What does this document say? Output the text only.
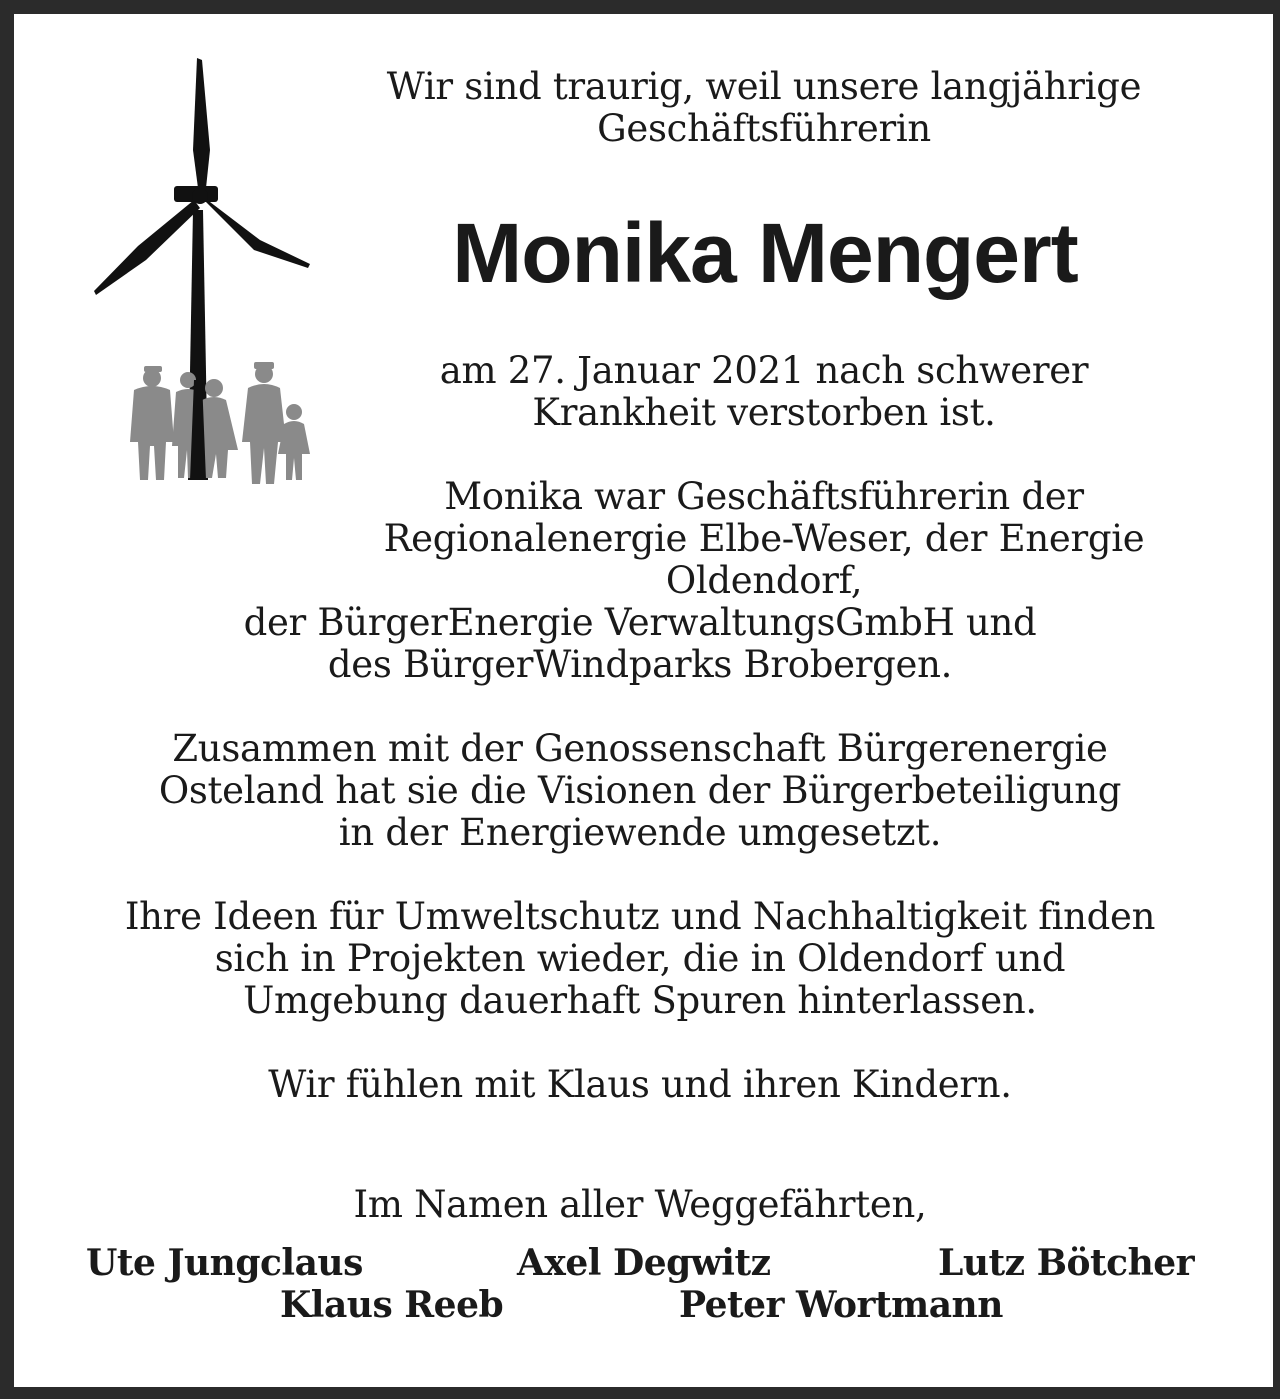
Wir sind traurig, weil unsere langjährige
Geschäftsführerin
Monika Mengert
am 27. Januar 2021 nach schwerer
Krankheit verstorben ist.
Monika war Geschäftsführerin der
Regionalenergie Elbe-Weser, der Energie
Oldendorf,
der BürgerEnergie VerwaltungsGmbH und
des BürgerWindparks Brobergen.
Zusammen mit der Genossenschaft Bürgerenergie
Osteland hat sie die Visionen der Bürgerbeteiligung
in der Energiewende umgesetzt.
Ihre Ideen für Umweltschutz und Nachhaltigkeit finden
sich in Projekten wieder, die in Oldendorf und
Umgebung dauerhaft Spuren hinterlassen.
Wir fühlen mit Klaus und ihren Kindern.
Im Namen aller Weggefährten,
Ute Jungclaus	Axel Degwitz	Lutz Bötcher
Klaus Reeb	Peter Wortmann
